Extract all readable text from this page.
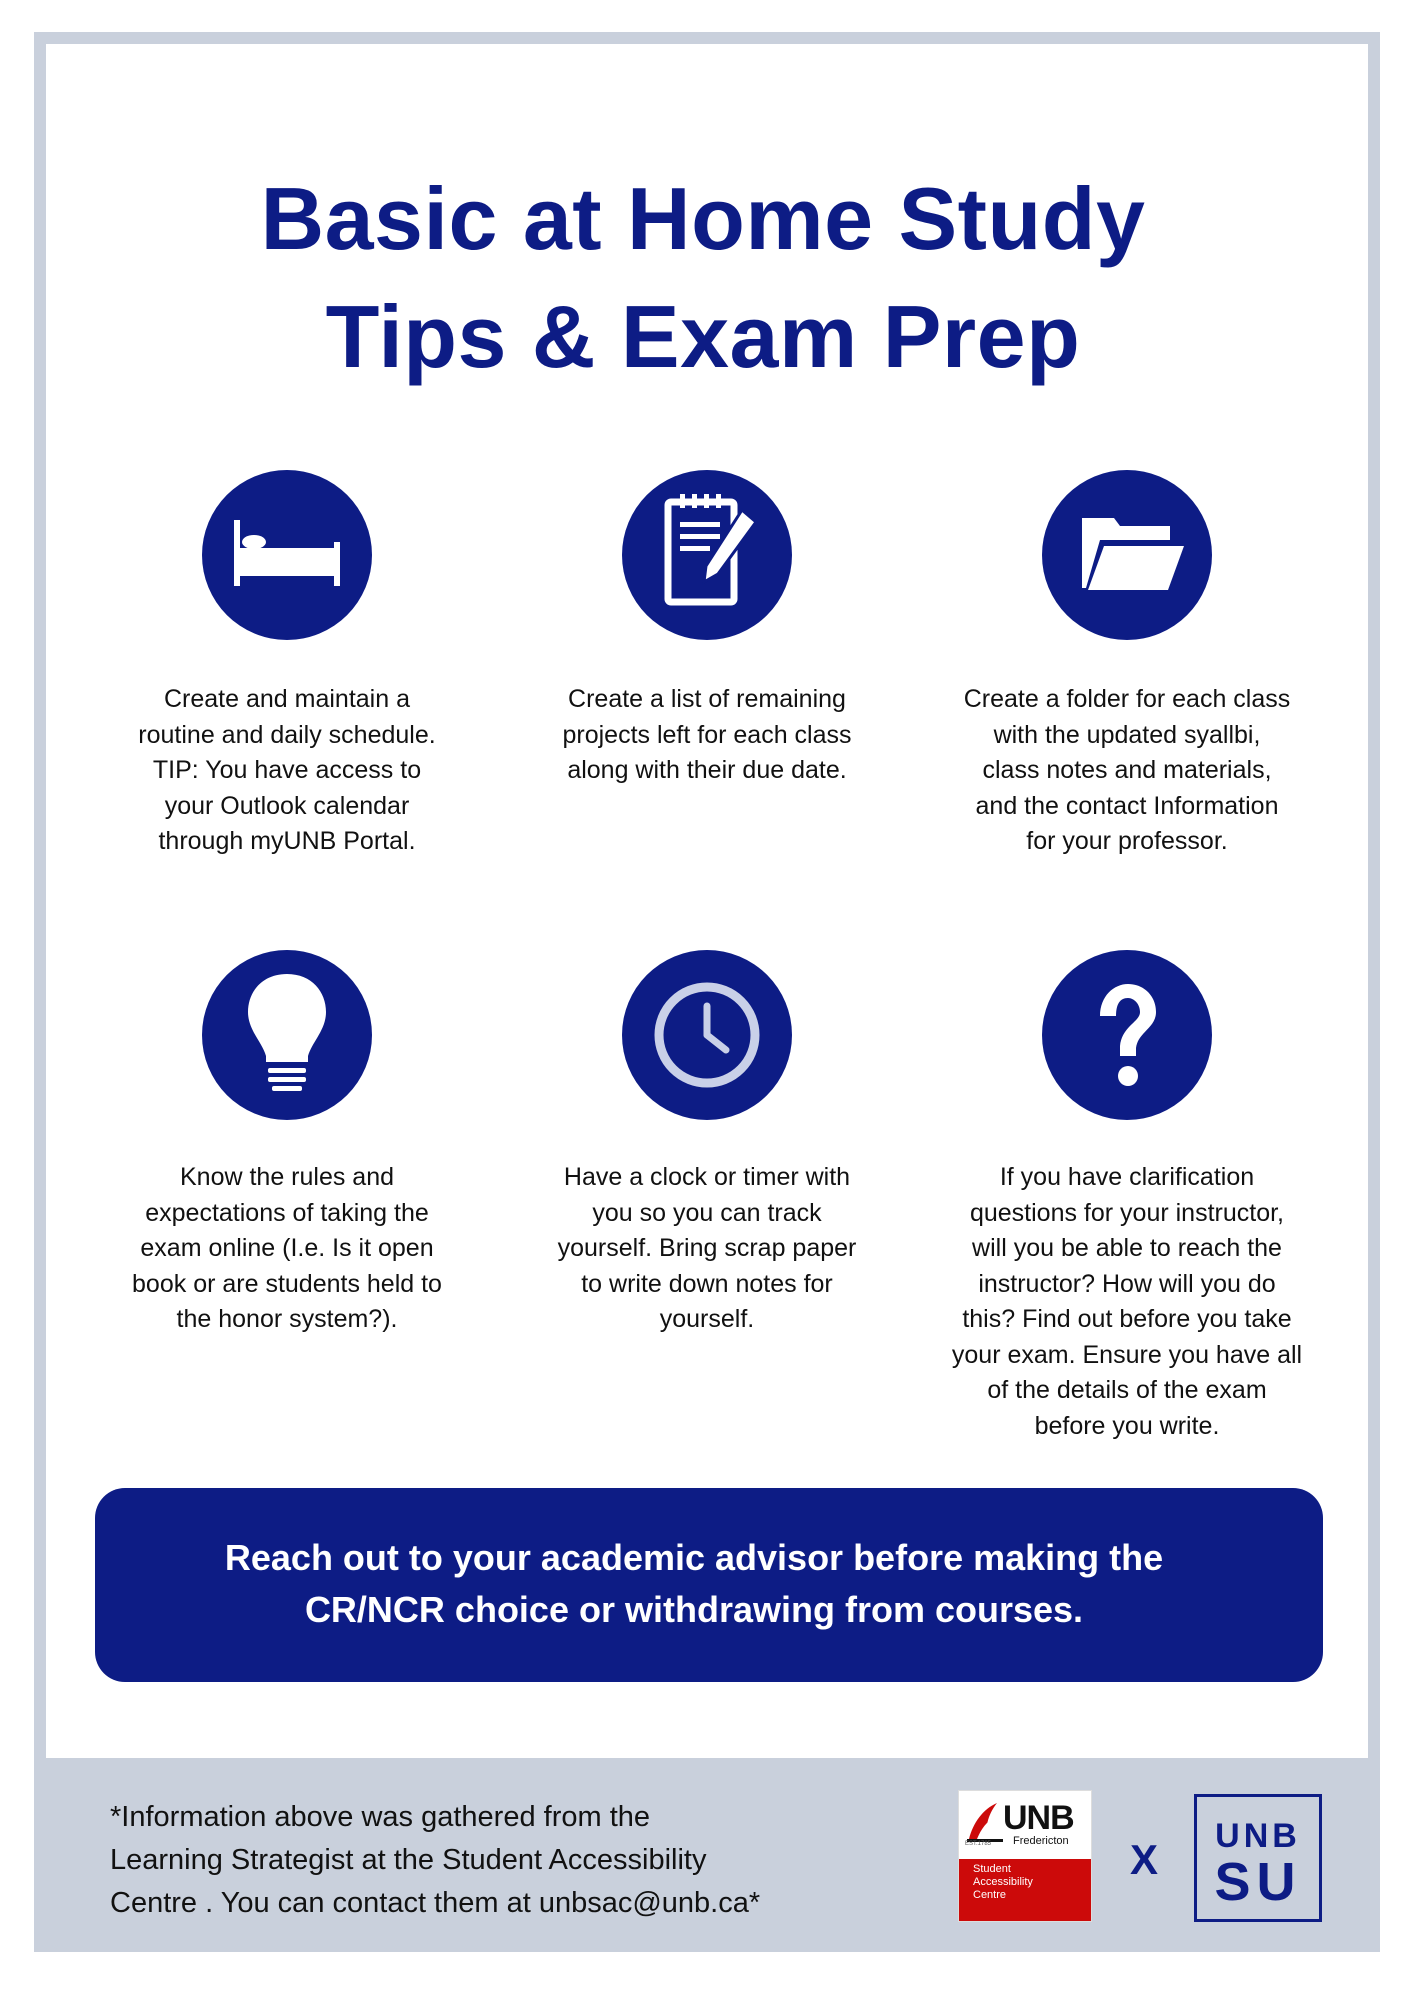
Basic at Home Study
Tips & Exam Prep
Create and maintain a
routine and daily schedule.
TIP: You have access to
your Outlook calendar
through myUNB Portal.
Create a list of remaining
projects left for each class
along with their due date.
Create a folder for each class
with the updated syallbi,
class notes and materials,
and the contact Information
for your professor.
Know the rules and
expectations of taking the
exam online (I.e. Is it open
book or are students held to
the honor system?).
Have a clock or timer with
you so you can track
yourself. Bring scrap paper
to write down notes for
yourself.
If you have clarification
questions for your instructor,
will you be able to reach the
instructor? How will you do
this? Find out before you take
your exam. Ensure you have all
of the details of the exam
before you write.
Reach out to your academic advisor before making the
CR/NCR choice or withdrawing from courses.
*Information above was gathered from the
Learning Strategist at the Student Accessibility
Centre . You can contact them at unbsac@unb.ca*
UNB
Fredericton
EST.1785
Student
Accessibility
Centre
X	UNB
SU
